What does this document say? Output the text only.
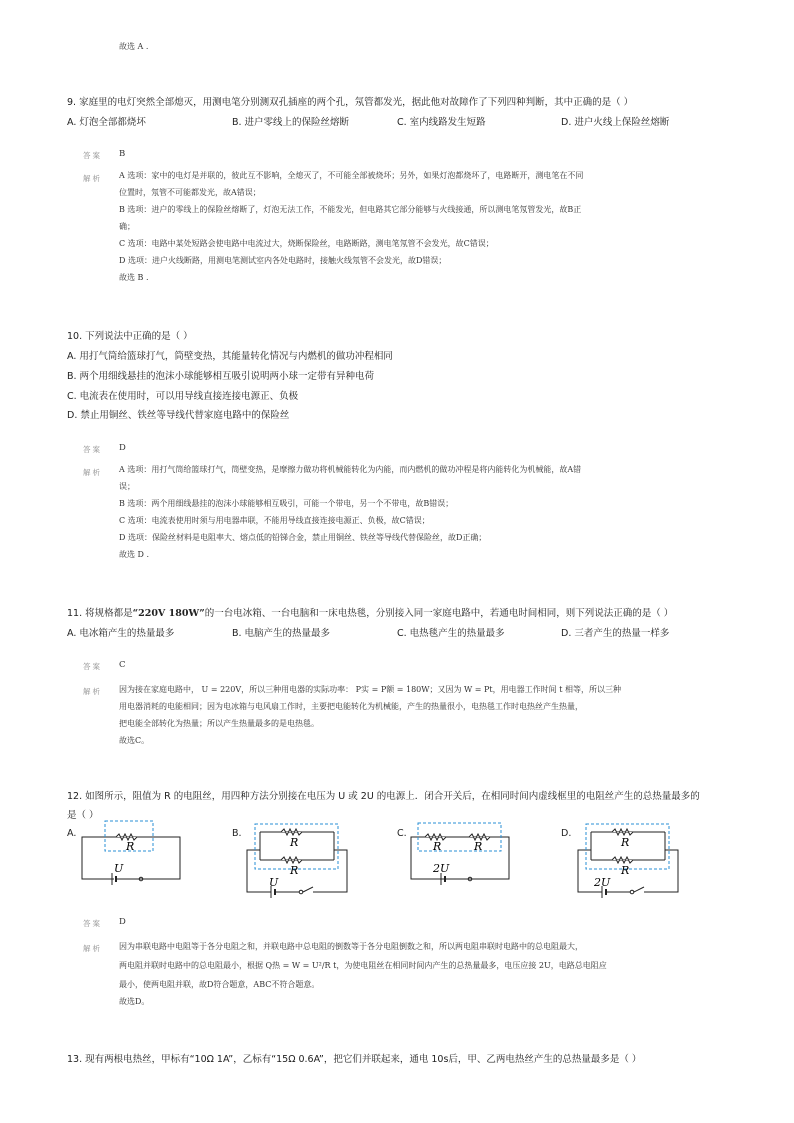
故选 A .
9. 家庭里的电灯突然全部熄灭，用测电笔分别测双孔插座的两个孔，氖管都发光，据此他对故障作了下列四种判断，其中正确的是（ ）
A. 灯泡全部都烧坏	B. 进户零线上的保险丝熔断	C. 室内线路发生短路	D. 进户火线上保险丝熔断
答案 B
解析 A 选项：家中的电灯是并联的，彼此互不影响，全熄灭了，不可能全部被烧坏；另外，如果灯泡都烧坏了，电路断开，测电笔在不同
位置时，氖管不可能都发光，故A错误；
B 选项：进户的零线上的保险丝熔断了，灯泡无法工作，不能发光，但电路其它部分能够与火线接通，所以测电笔氖管发光，故B正
确；
C 选项：电路中某处短路会使电路中电流过大，烧断保险丝，电路断路，测电笔氖管不会发光，故C错误；
D 选项：进户火线断路，用测电笔测试室内各处电路时，接触火线氖管不会发光，故D错误；
故选 B .
10. 下列说法中正确的是（ ）
A. 用打气筒给篮球打气，筒壁变热，其能量转化情况与内燃机的做功冲程相同
B. 两个用细线悬挂的泡沫小球能够相互吸引说明两小球一定带有异种电荷
C. 电流表在使用时，可以用导线直接连接电源正、负极
D. 禁止用铜丝、铁丝等导线代替家庭电路中的保险丝
答案 D
解析 A 选项：用打气筒给篮球打气，筒壁变热，是摩擦力做功将机械能转化为内能，而内燃机的做功冲程是将内能转化为机械能，故A错
误；
B 选项：两个用细线悬挂的泡沫小球能够相互吸引，可能一个带电，另一个不带电，故B错误；
C 选项：电流表使用时须与用电器串联，不能用导线直接连接电源正、负极，故C错误；
D 选项：保险丝材料是电阻率大、熔点低的铅锑合金，禁止用铜丝、铁丝等导线代替保险丝，故D正确；
故选 D .
11. 将规格都是“220V 180W”的一台电冰箱、一台电脑和一床电热毯，分别接入同一家庭电路中，若通电时间相同，则下列说法正确的是（ ）
A. 电冰箱产生的热量最多	B. 电脑产生的热量最多	C. 电热毯产生的热量最多	D. 三者产生的热量一样多
答案 C
解析 因为接在家庭电路中， U = 220V，所以三种用电器的实际功率： P实 = P额 = 180W；又因为 W = Pt，用电器工作时间 t 相等，所以三种
用电器消耗的电能相同；因为电冰箱与电风扇工作时，主要把电能转化为机械能，产生的热量很小，电热毯工作时电热丝产生热量，
把电能全部转化为热量；所以产生热量最多的是电热毯。
故选C。
12. 如图所示，阻值为 R 的电阻丝，用四种方法分别接在电压为 U 或 2U 的电源上．闭合开关后，在相同时间内虚线框里的电阻丝产生的总热量最多的
是（ ）
A.
R
U
B.
R
R
U
C.
R	R
2U
D.
R
R
2U
答案 D
解析 因为串联电路中电阻等于各分电阻之和，并联电路中总电阻的倒数等于各分电阻倒数之和，所以两电阻串联时电路中的总电阻最大，
两电阻并联时电路中的总电阻最小，根据 Q热 = W = U²/R t，为使电阻丝在相同时间内产生的总热量最多，电压应接 2U，电路总电阻应
最小，使两电阻并联，故D符合题意，ABC不符合题意。
故选D。
13. 现有两根电热丝，甲标有“10Ω 1A”，乙标有“15Ω 0.6A”，把它们并联起来，通电 10s后，甲、乙两电热丝产生的总热量最多是（ ）
